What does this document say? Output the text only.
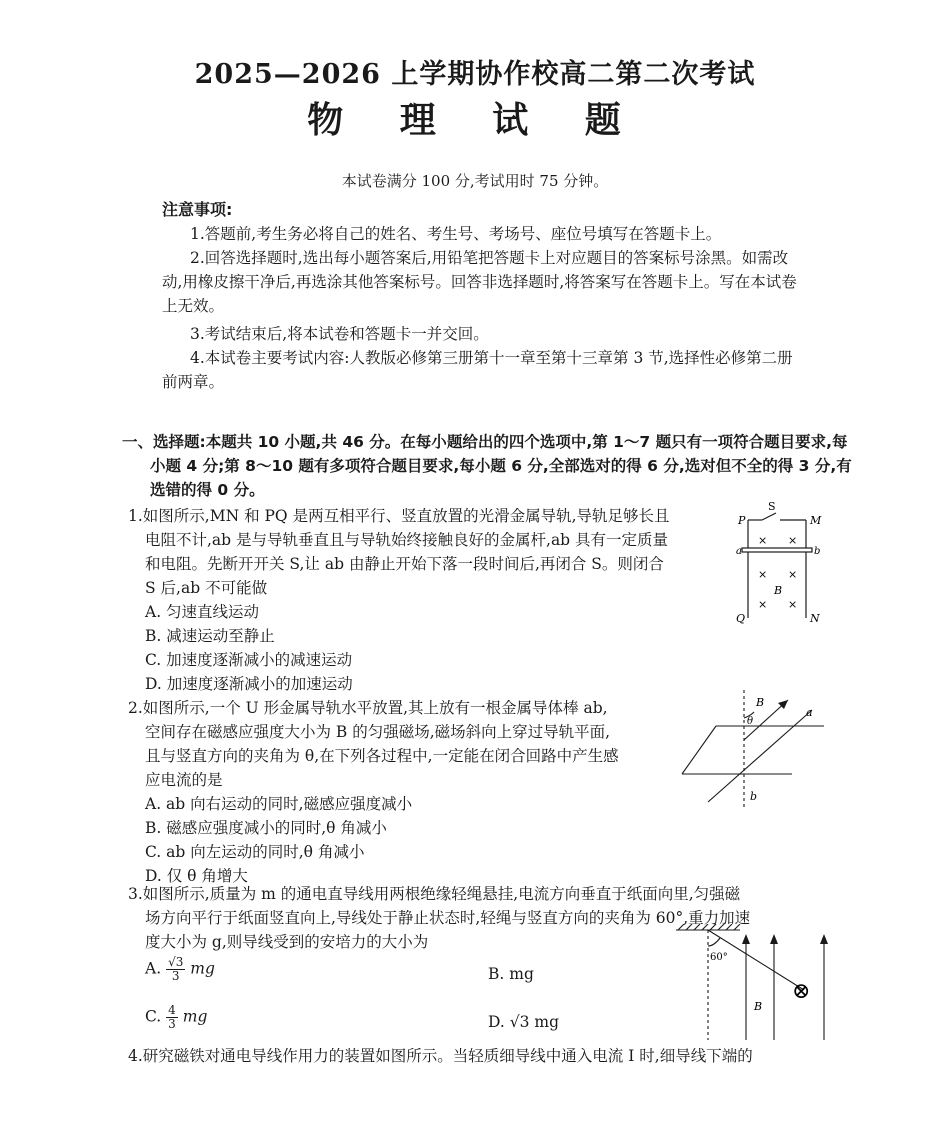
2025—2026 上学期协作校高二第二次考试
物 理 试 题
本试卷满分 100 分,考试用时 75 分钟。
注意事项:
1.答题前,考生务必将自己的姓名、考生号、考场号、座位号填写在答题卡上。
2.回答选择题时,选出每小题答案后,用铅笔把答题卡上对应题目的答案标号涂黑。如需改动,用橡皮擦干净后,再选涂其他答案标号。回答非选择题时,将答案写在答题卡上。写在本试卷上无效。
3.考试结束后,将本试卷和答题卡一并交回。
4.本试卷主要考试内容:人教版必修第三册第十一章至第十三章第 3 节,选择性必修第二册前两章。
一、选择题:本题共 10 小题,共 46 分。在每小题给出的四个选项中,第 1～7 题只有一项符合题目要求,每小题 4 分;第 8～10 题有多项符合题目要求,每小题 6 分,全部选对的得 6 分,选对但不全的得 3 分,有选错的得 0 分。
1.如图所示,MN 和 PQ 是两互相平行、竖直放置的光滑金属导轨,导轨足够长且
电阻不计,ab 是与导轨垂直且与导轨始终接触良好的金属杆,ab 具有一定质量
和电阻。先断开开关 S,让 ab 由静止开始下落一段时间后,再闭合 S。则闭合
S 后,ab 不可能做
A. 匀速直线运动
B. 减速运动至静止
C. 加速度逐渐减小的减速运动
D. 加速度逐渐减小的加速运动
P
S
M
a	b
× ×
× ×
B
× ×
Q	N
2.如图所示,一个 U 形金属导轨水平放置,其上放有一根金属导体棒 ab,
空间存在磁感应强度大小为 B 的匀强磁场,磁场斜向上穿过导轨平面,
且与竖直方向的夹角为 θ,在下列各过程中,一定能在闭合回路中产生感
应电流的是
A. ab 向右运动的同时,磁感应强度减小
B. 磁感应强度减小的同时,θ 角减小
C. ab 向左运动的同时,θ 角减小
D. 仅 θ 角增大
B
θ
a
b
3.如图所示,质量为 m 的通电直导线用两根绝缘轻绳悬挂,电流方向垂直于纸面向里,匀强磁
场方向平行于纸面竖直向上,导线处于静止状态时,轻绳与竖直方向的夹角为 60°,重力加速
度大小为 g,则导线受到的安培力的大小为
A. $\frac{√3}{3}$ mg	B. mg
C. $\frac{4}{3}$ mg	D. √3 mg
60°
B
⊗
4.研究磁铁对通电导线作用力的装置如图所示。当轻质细导线中通入电流 I 时,细导线下端的
